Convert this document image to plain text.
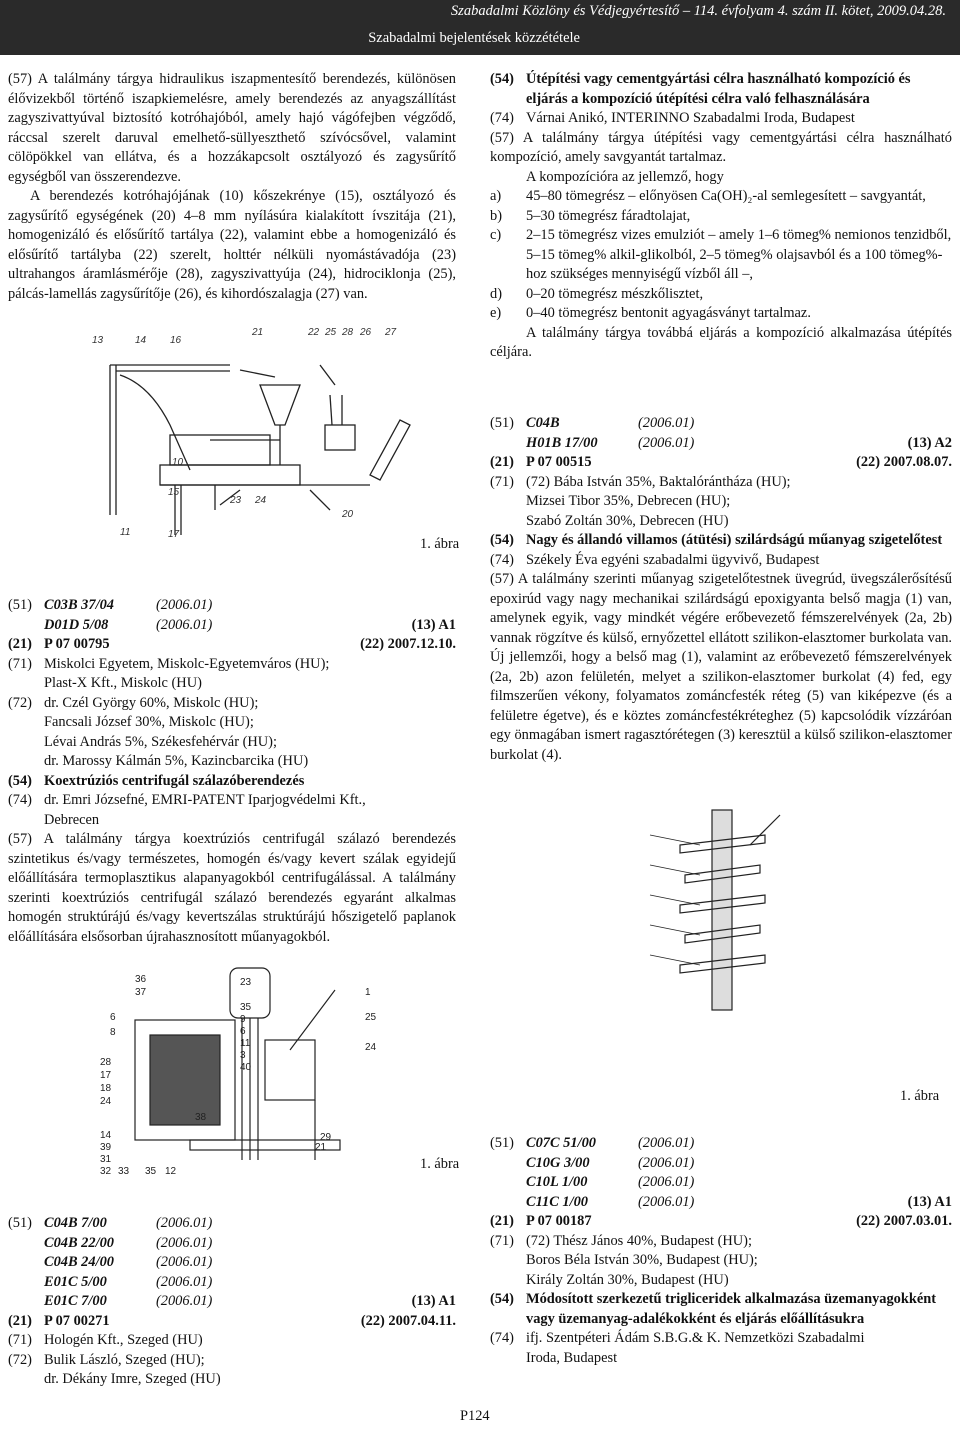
Szabadalmi Közlöny és Védjegyértesítő – 114. évfolyam 4. szám II. kötet, 2009.04.28.
Szabadalmi bejelentések közzététele

(57) A találmány tárgya hidraulikus iszapmentesítő berendezés, különösen élővizekből történő iszapkiemelésre, amely berendezés az anyagszállítást zagyszivattyúval biztosító kotróhajóból, amely hajó vágófejben végződő, ráccsal szerelt daruval emelhető-süllyeszthető szívócsővel, valamint cölöpökkel van ellátva, és a hozzákapcsolt osztályozó és zagysűrítő egységből van összerendezve.

A berendezés kotróhajójának (10) kőszekrénye (15), osztályozó és zagysűrítő egységének (20) 4–8 mm nyílásúra kialakított ívszitája (21), homogenizáló és elősűrítő tartálya (22), valamint ebbe a homogenizáló és elősűrítő tartályba (22) szerelt, holttér nélküli nyomástávadója (23) ultrahangos áramlásmérője (28), zagyszivattyúja (24), hidrociklonja (25), pálcás-lamellás zagysűrítője (26), és kihordószalagja (27) van.

13	14 16
21	22 25 28 26 27
10
15
11	17
23 24
20
1. ábra
(51) C03B 37/04	(2006.01)
D01D 5/08	(2006.01)	(13) A1
(21) P 07 00795	(22) 2007.12.10.
(71) Miskolci Egyetem, Miskolc-Egyetemváros (HU);
Plast-X Kft., Miskolc (HU)
(72) dr. Czél György 60%, Miskolc (HU);
Fancsali József 30%, Miskolc (HU);
Lévai András 5%, Székesfehérvár (HU);
dr. Marossy Kálmán 5%, Kazincbarcika (HU)
(54) Koextrúziós centrifugál szálazóberendezés
(74) dr. Emri Józsefné, EMRI-PATENT Iparjogvédelmi Kft.,
Debrecen

(57) A találmány tárgya koextrúziós centrifugál szálazó berendezés szintetikus és/vagy természetes, homogén és/vagy kevert szálak egyidejű előállítására termoplasztikus alapanyagokból centrifugálással. A találmány szerinti koextrúziós centrifugál szálazó berendezés egyaránt alkalmas homogén struktúrájú és/vagy kevertszálas struktúrájú hőszigetelő paplanok előállítására elsősorban újrahasznosított műanyagokból.

6
8
28
17
18
24
36
37
38
14
39
31
32 33 35 12
21
23
35
9
6
11
3
40
1
25
24
29
1. ábra
(51) C04B 7/00	(2006.01)
C04B 22/00	(2006.01)
C04B 24/00	(2006.01)
E01C 5/00	(2006.01)
E01C 7/00	(2006.01)	(13) A1
(21) P 07 00271	(22) 2007.04.11.
(71) Hologén Kft., Szeged (HU)
(72) Bulik László, Szeged (HU);
dr. Dékány Imre, Szeged (HU)
(54) Útépítési vagy cementgyártási célra használható kompozíció és eljárás a kompozíció útépítési célra való felhasználására
(74) Várnai Anikó, INTERINNO Szabadalmi Iroda, Budapest

(57) A találmány tárgya útépítési vagy cementgyártási célra használható kompozíció, amely savgyantát tartalmaz.

A kompozícióra az jellemző, hogy

a) 45–80 tömegrész – előnyösen Ca(OH)₂-al semlegesített – savgyantát,
b) 5–30 tömegrész fáradtolajat,
c) 2–15 tömegrész vizes emulziót – amely 1–6 tömeg% nemionos tenzidből, 5–15 tömeg% alkil-glikolból, 2–5 tömeg% olajsavból és a 100 tömeg%-hoz szükséges mennyiségű vízből áll –,
d) 0–20 tömegrész mészkőlisztet,
e) 0–40 tömegrész bentonit agyagásványt tartalmaz.

A találmány tárgya továbbá eljárás a kompozíció alkalmazása útépítés céljára.

(51) C04B	(2006.01)
H01B 17/00	(2006.01)	(13) A2
(21) P 07 00515	(22) 2007.08.07.
(71) (72) Bába István 35%, Baktalórántháza (HU);
Mizsei Tibor 35%, Debrecen (HU);
Szabó Zoltán 30%, Debrecen (HU)
(54) Nagy és állandó villamos (átütési) szilárdságú műanyag szigetelőtest
(74) Székely Éva egyéni szabadalmi ügyvivő, Budapest

(57) A találmány szerinti műanyag szigetelőtestnek üvegrúd, üvegszálerősítésű epoxirúd vagy nagy mechanikai szilárdságú epoxigyanta belső magja (1) van, amelynek egyik, vagy mindkét végére erőbevezető fémszerelvények (2a, 2b) vannak rögzítve és külső, ernyőzettel ellátott szilikon-elasztomer burkolata van. Új jellemzői, hogy a belső mag (1), valamint az erőbevezető fémszerelvények (2a, 2b) azon felületén, melyet a szilikon-elasztomer burkolat (4) fed, egy filmszerűen vékony, folyamatos zománcfesték réteg (5) van kiképezve (és a felületre égetve), és e köztes zománcfestékréteghez (5) kapcsolódik vízzáróan egy önmagában ismert ragasztórétegen (3) keresztül a külső szilikon-elasztomer burkolat (4).

1. ábra
(51) C07C 51/00	(2006.01)
C10G 3/00	(2006.01)
C10L 1/00	(2006.01)
C11C 1/00	(2006.01)	(13) A1
(21) P 07 00187	(22) 2007.03.01.
(71) (72) Thész János 40%, Budapest (HU);
Boros Béla István 30%, Budapest (HU);
Király Zoltán 30%, Budapest (HU)
(54) Módosított szerkezetű trigliceridek alkalmazása üzemanyagokként vagy üzemanyag-adalékokként és eljárás előállításukra
(74) ifj. Szentpéteri Ádám S.B.G.& K. Nemzetközi Szabadalmi
Iroda, Budapest
P124
